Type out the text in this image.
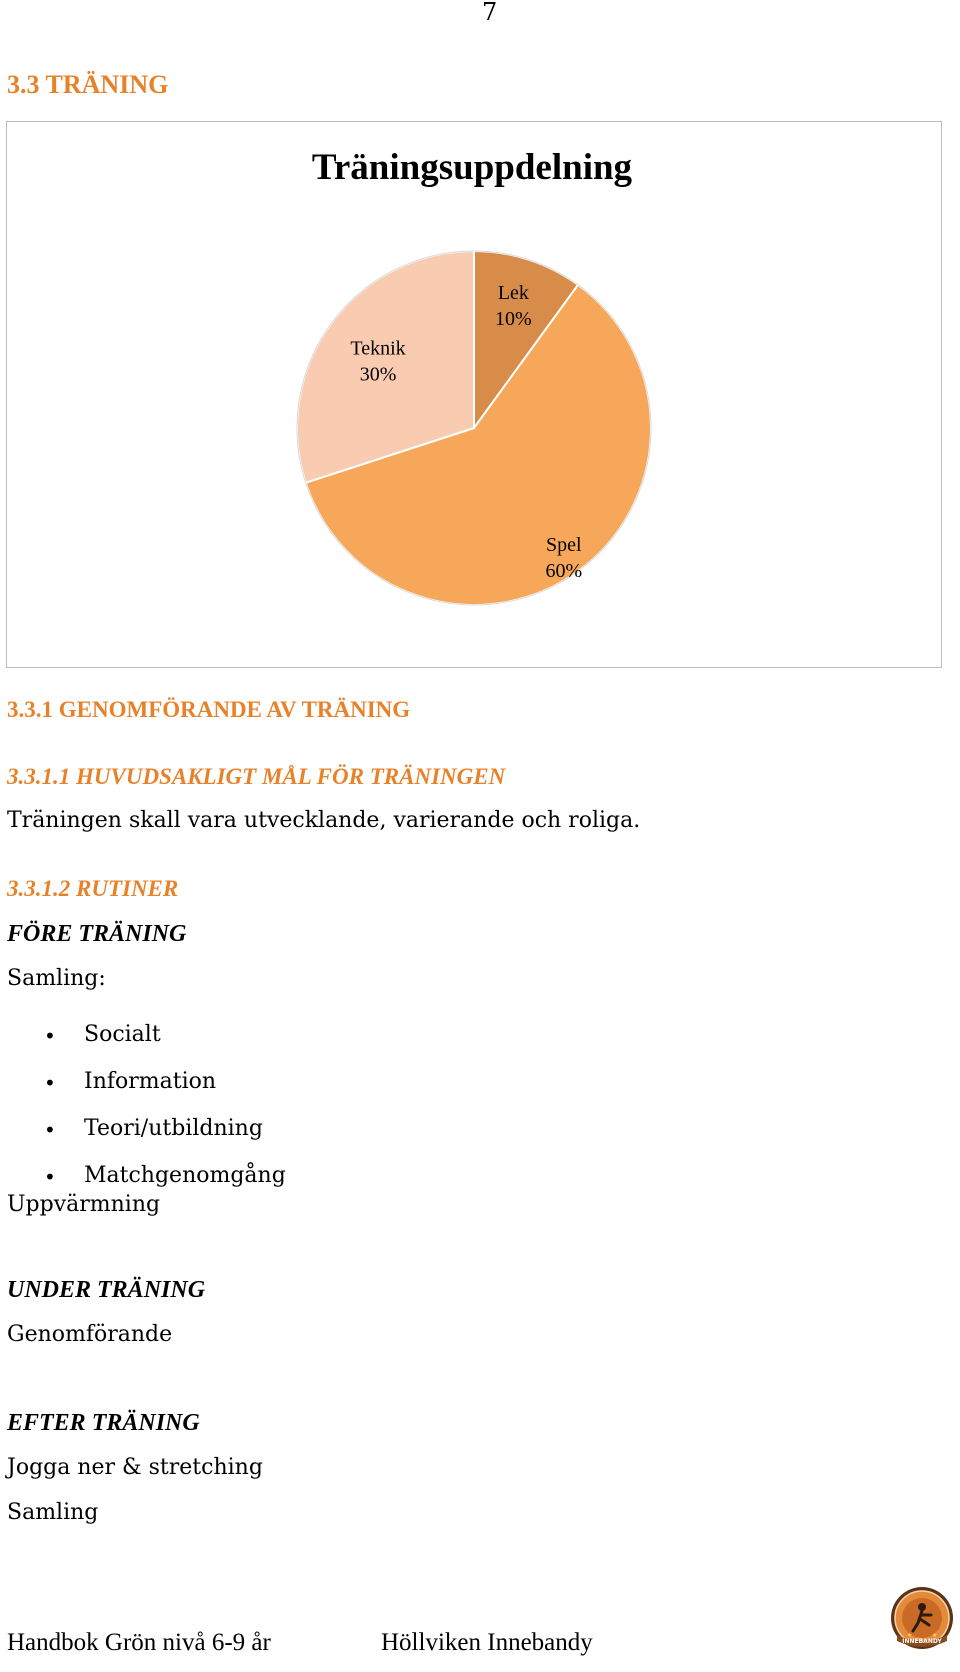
7
3.3 TRÄNING
Träningsuppdelning
Lek
10%
Spel
60%
Teknik
30%
3.3.1 GENOMFÖRANDE AV TRÄNING
3.3.1.1 HUVUDSAKLIGT MÅL FÖR TRÄNINGEN
Träningen skall vara utvecklande, varierande och roliga.
3.3.1.2 RUTINER
FÖRE TRÄNING
Samling:
• Socialt
• Information
• Teori/utbildning
• Matchgenomgång
Uppvärmning
UNDER TRÄNING
Genomförande
EFTER TRÄNING
Jogga ner & stretching
Samling
INNEBANDY
★	★
Handbok Grön nivå 6-9 år	Höllviken Innebandy
